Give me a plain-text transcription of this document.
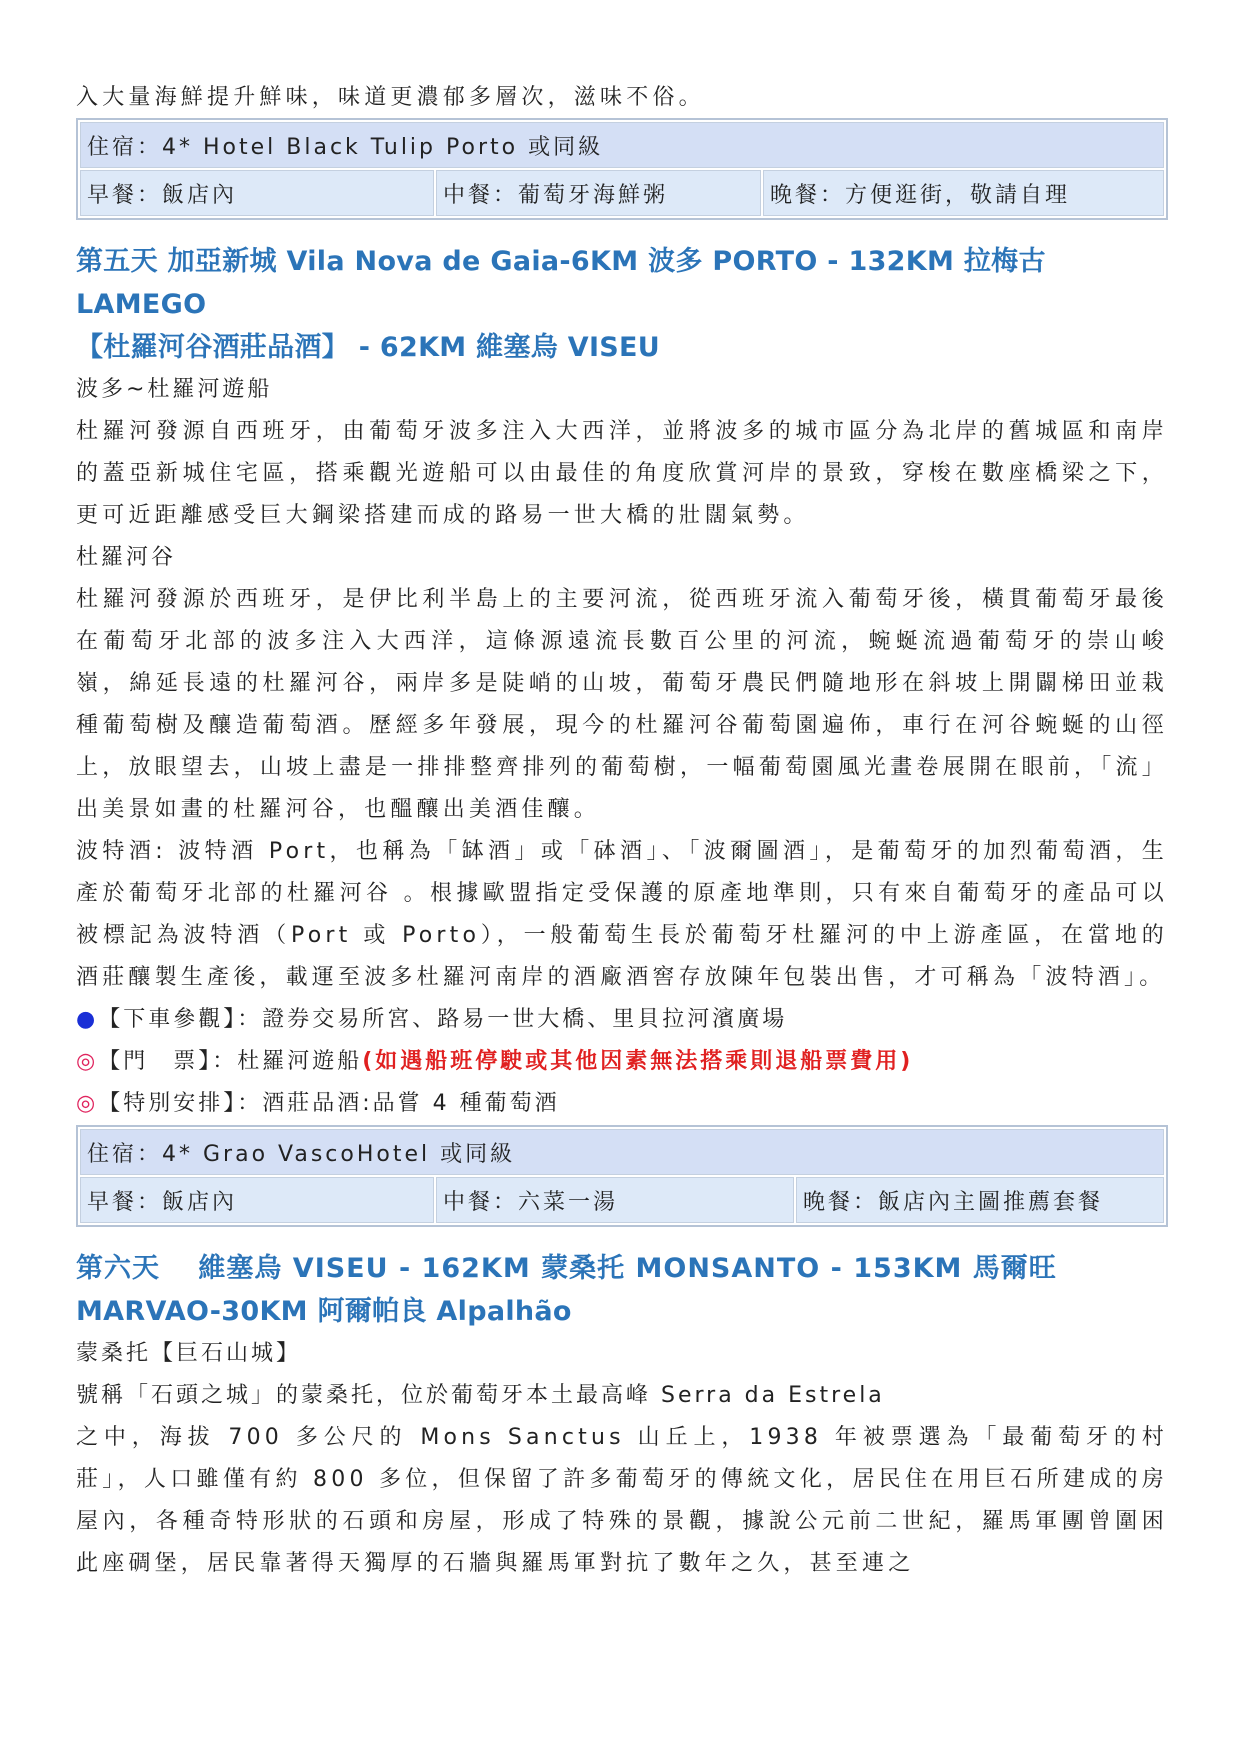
入大量海鮮提升鮮味，味道更濃郁多層次，滋味不俗。

住宿：4* Hotel Black Tulip Porto 或同級
早餐：飯店內	中餐：葡萄牙海鮮粥	晚餐：方便逛街，敬請自理
第五天 加亞新城 Vila Nova de Gaia-6KM 波多 PORTO - 132KM 拉梅古 LAMEGO
【杜羅河谷酒莊品酒】 - 62KM 維塞烏 VISEU

波多~杜羅河遊船

杜羅河發源自西班牙，由葡萄牙波多注入大西洋，並將波多的城市區分為北岸的舊城區和南岸的蓋亞新城住宅區，搭乘觀光遊船可以由最佳的角度欣賞河岸的景致，穿梭在數座橋梁之下，更可近距離感受巨大鋼梁搭建而成的路易一世大橋的壯闊氣勢。

杜羅河谷

杜羅河發源於西班牙，是伊比利半島上的主要河流，從西班牙流入葡萄牙後，橫貫葡萄牙最後在葡萄牙北部的波多注入大西洋，這條源遠流長數百公里的河流，蜿蜒流過葡萄牙的崇山峻嶺，綿延長遠的杜羅河谷，兩岸多是陡峭的山坡，葡萄牙農民們隨地形在斜坡上開闢梯田並栽種葡萄樹及釀造葡萄酒。歷經多年發展，現今的杜羅河谷葡萄園遍佈，車行在河谷蜿蜒的山徑上，放眼望去，山坡上盡是一排排整齊排列的葡萄樹，一幅葡萄園風光畫卷展開在眼前，「流」出美景如畫的杜羅河谷，也醞釀出美酒佳釀。

波特酒: 波特酒 Port，也稱為「缽酒」或「砵酒」、「波爾圖酒」，是葡萄牙的加烈葡萄酒，生 產於葡萄牙北部的杜羅河谷 。根據歐盟指定受保護的原產地準則，只有來自葡萄牙的產品可以被標記為波特酒（Port 或 Porto），一般葡萄生長於葡萄牙杜羅河的中上游產區，在當地的酒莊釀製生產後，載運至波多杜羅河南岸的酒廠酒窖存放陳年包裝出售，才可稱為「波特酒」。

●【下車參觀】：證券交易所宮、路易一世大橋、里貝拉河濱廣場

◎【門　票】：杜羅河遊船(如遇船班停駛或其他因素無法搭乘則退船票費用)

◎【特別安排】：酒莊品酒:品嘗 4 種葡萄酒

住宿：4* Grao VascoHotel 或同級
早餐：飯店內	中餐：六菜一湯	晚餐：飯店內主圖推薦套餐
第六天　 維塞烏 VISEU - 162KM 蒙桑托 MONSANTO - 153KM 馬爾旺
MARVAO-30KM 阿爾帕良 Alpalhão

蒙桑托【巨石山城】

號稱「石頭之城」的蒙桑托，位於葡萄牙本土最高峰 Serra da Estrela

之中，海拔 700 多公尺的 Mons Sanctus 山丘上，1938 年被票選為「最葡萄牙的村莊」，人口雖僅有約 800 多位，但保留了許多葡萄牙的傳統文化，居民住在用巨石所建成的房屋內，各種奇特形狀的石頭和房屋，形成了特殊的景觀，據說公元前二世紀，羅馬軍團曾圍困此座碉堡，居民靠著得天獨厚的石牆與羅馬軍對抗了數年之久，甚至連之
